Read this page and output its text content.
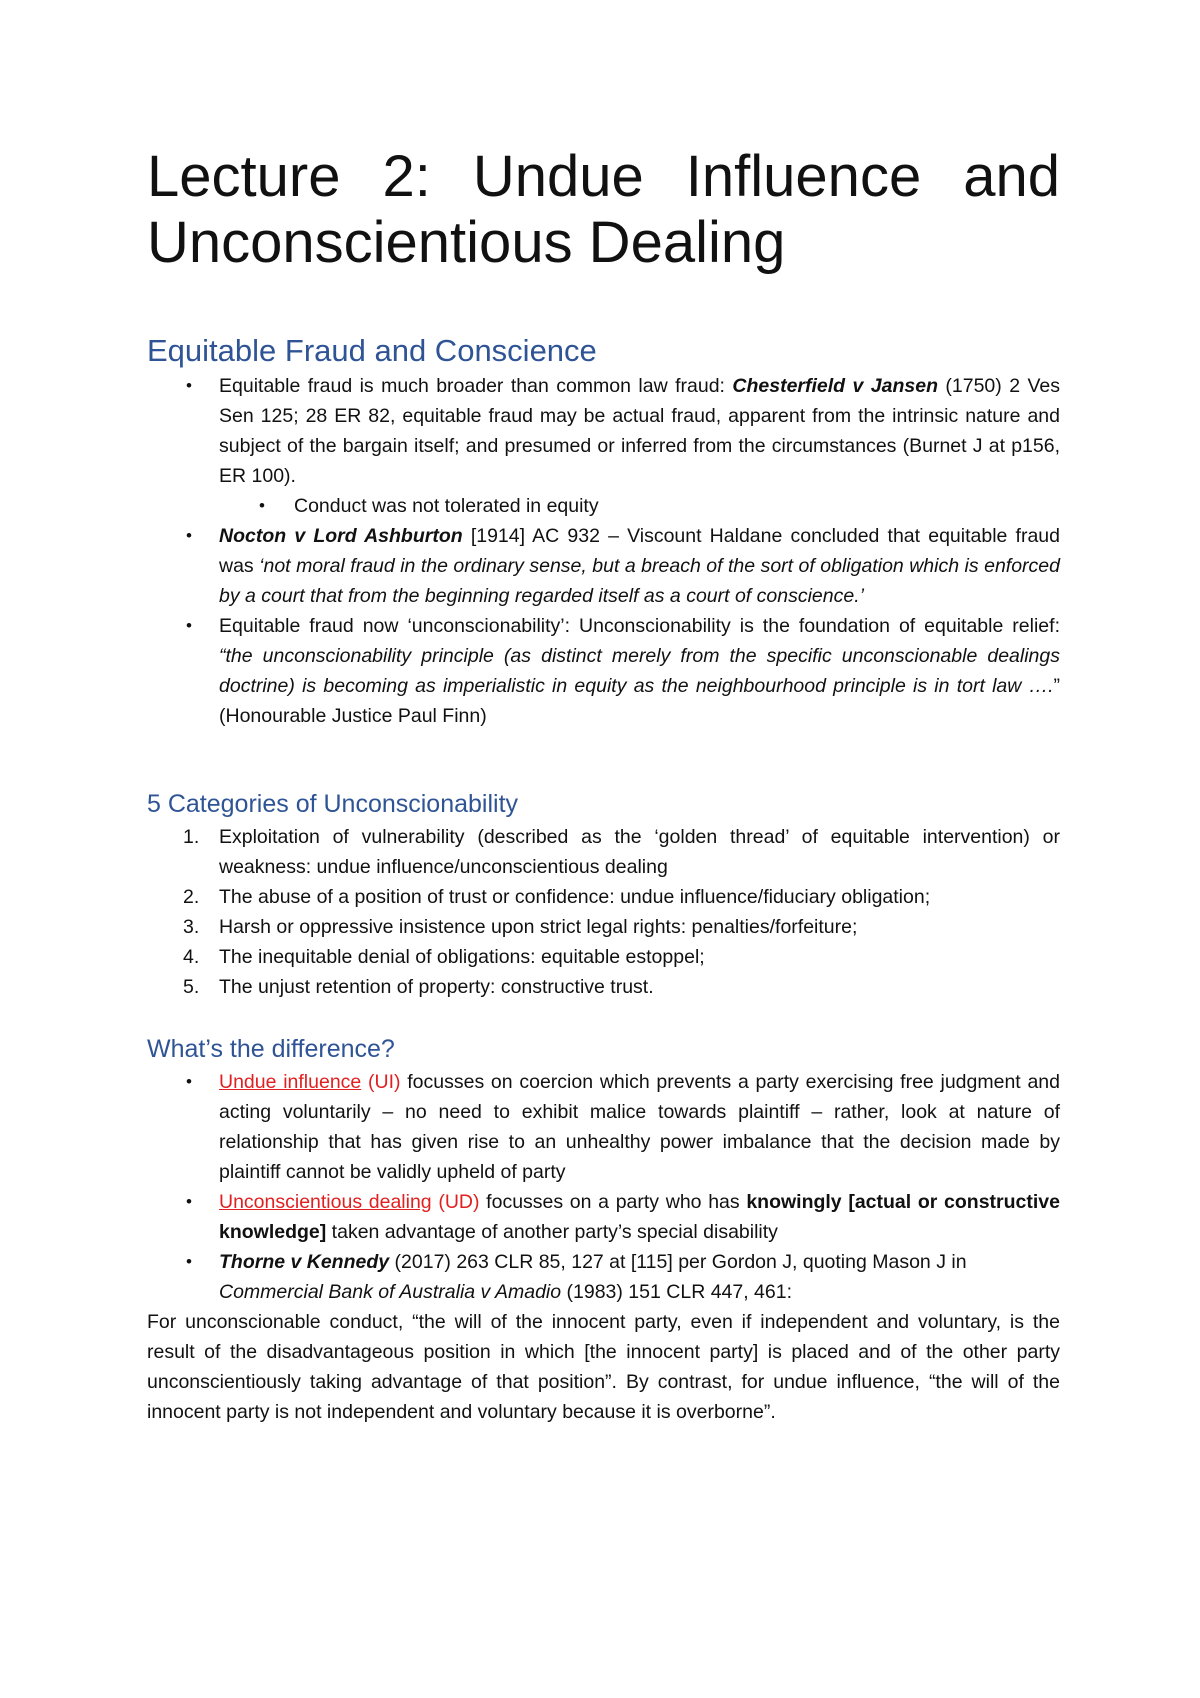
Lecture 2: Undue Influence and Unconscientious Dealing
Equitable Fraud and Conscience
• Equitable fraud is much broader than common law fraud: Chesterfield v Jansen (1750) 2 Ves Sen 125; 28 ER 82, equitable fraud may be actual fraud, apparent from the intrinsic nature and subject of the bargain itself; and presumed or inferred from the circumstances (Burnet J at p156, ER 100).
• Conduct was not tolerated in equity
• Nocton v Lord Ashburton [1914] AC 932 – Viscount Haldane concluded that equitable fraud was ‘not moral fraud in the ordinary sense, but a breach of the sort of obligation which is enforced by a court that from the beginning regarded itself as a court of conscience.’
• Equitable fraud now ‘unconscionability’: Unconscionability is the foundation of equitable relief: “the unconscionability principle (as distinct merely from the specific unconscionable dealings doctrine) is becoming as imperialistic in equity as the neighbourhood principle is in tort law ….” (Honourable Justice Paul Finn)
5 Categories of Unconscionability
1. Exploitation of vulnerability (described as the ‘golden thread’ of equitable intervention) or weakness: undue influence/unconscientious dealing
2. The abuse of a position of trust or confidence: undue influence/fiduciary obligation;
3. Harsh or oppressive insistence upon strict legal rights: penalties/forfeiture;
4. The inequitable denial of obligations: equitable estoppel;
5. The unjust retention of property: constructive trust.
What’s the difference?
• Undue influence (UI) focusses on coercion which prevents a party exercising free judgment and acting voluntarily – no need to exhibit malice towards plaintiff – rather, look at nature of relationship that has given rise to an unhealthy power imbalance that the decision made by plaintiff cannot be validly upheld of party
• Unconscientious dealing (UD) focusses on a party who has knowingly [actual or constructive knowledge] taken advantage of another party’s special disability
• Thorne v Kennedy (2017) 263 CLR 85, 127 at [115] per Gordon J, quoting Mason J in Commercial Bank of Australia v Amadio (1983) 151 CLR 447, 461:

For unconscionable conduct, “the will of the innocent party, even if independent and voluntary, is the result of the disadvantageous position in which [the innocent party] is placed and of the other party unconscientiously taking advantage of that position”. By contrast, for undue influence, “the will of the innocent party is not independent and voluntary because it is overborne”.
